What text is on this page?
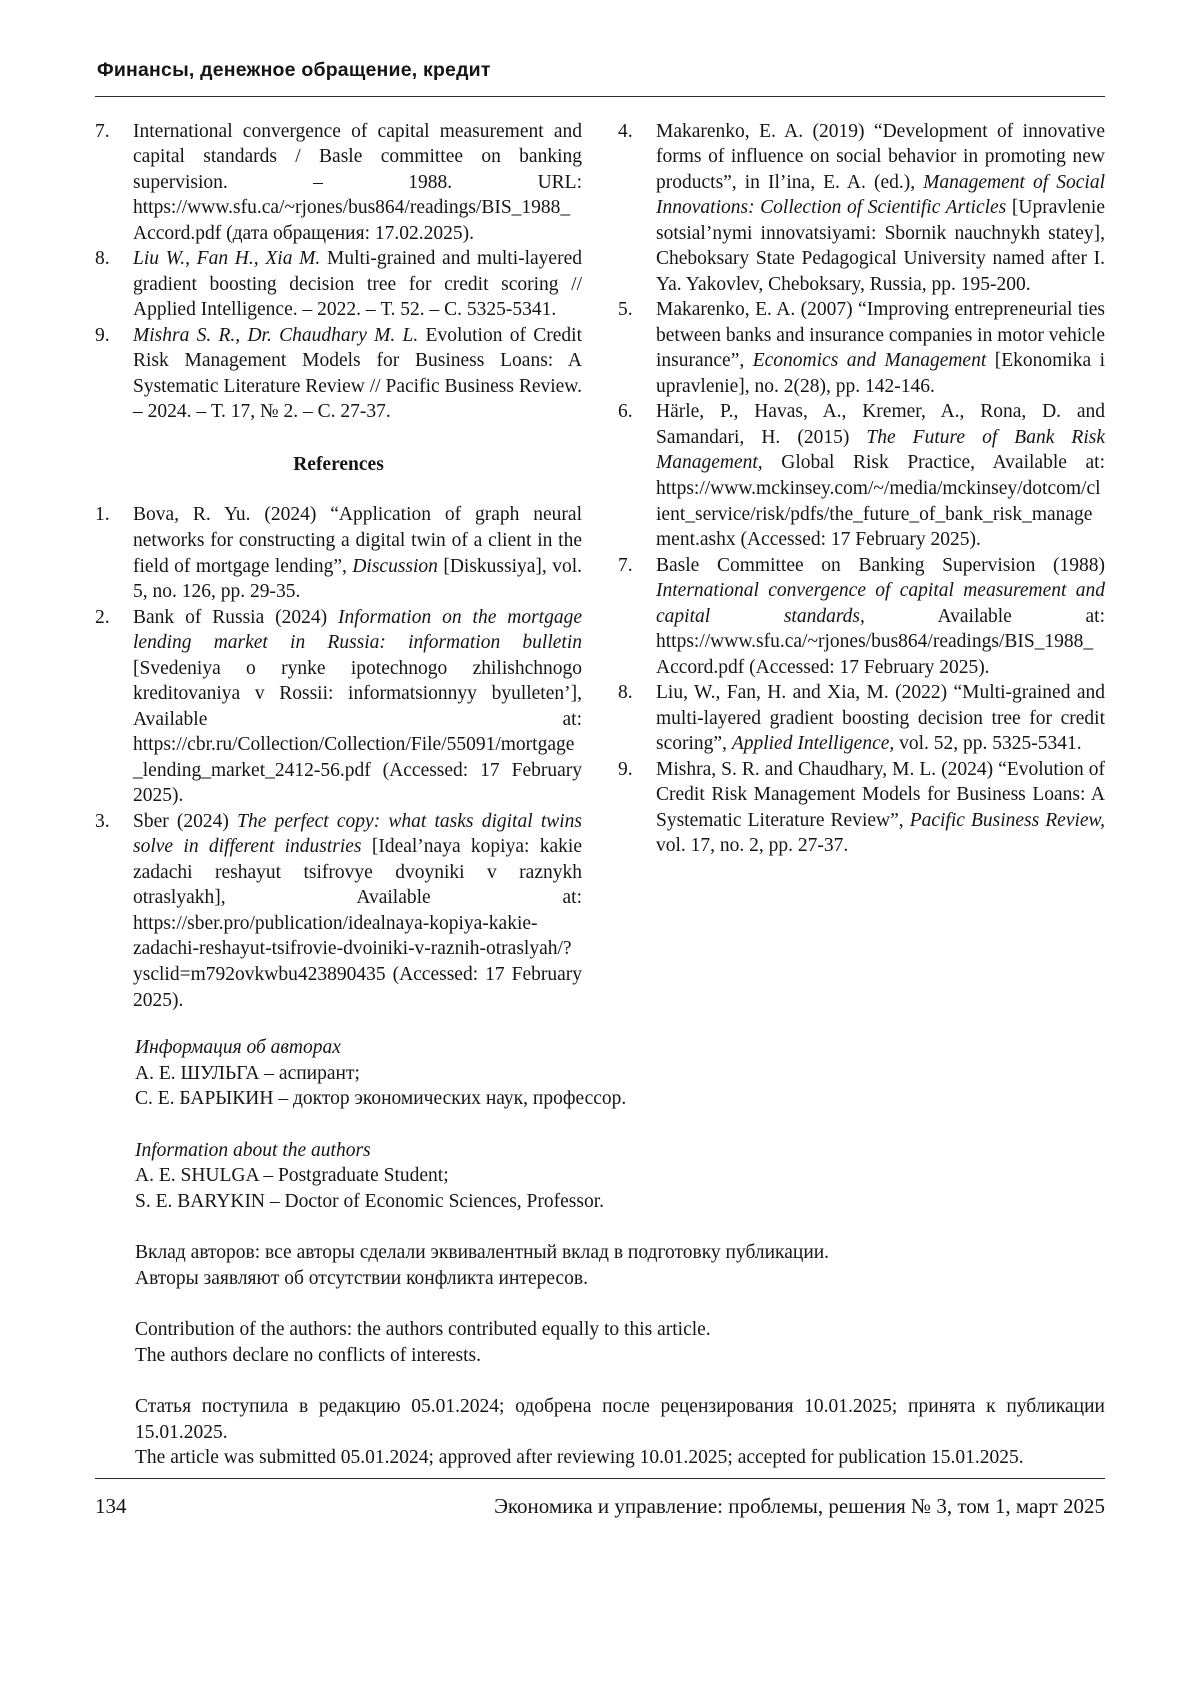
Финансы, денежное обращение, кредит
7.	International convergence of capital measurement and capital standards / Basle committee on banking supervision. – 1988. URL: https://www.sfu.ca/~rjones/bus864/readings/BIS_1988_Accord.pdf (дата обращения: 17.02.2025).
8.	Liu W., Fan H., Xia M. Multi-grained and multi-layered gradient boosting decision tree for credit scoring // Applied Intelligence. – 2022. – Т. 52. – С. 5325-5341.
9.	Mishra S. R., Dr. Chaudhary M. L. Evolution of Credit Risk Management Models for Business Loans: A Systematic Literature Review // Pacific Business Review. – 2024. – Т. 17, № 2. – С. 27-37.
References
1.	Bova, R. Yu. (2024) “Application of graph neural networks for constructing a digital twin of a client in the field of mortgage lending”, Discussion [Diskussiya], vol. 5, no. 126, pp. 29-35.
2.	Bank of Russia (2024) Information on the mortgage lending market in Russia: information bulletin [Svedeniya o rynke ipotechnogo zhilishchnogo kreditovaniya v Rossii: informatsionnyy byulleten’], Available at: https://cbr.ru/Collection/Collection/File/55091/mortgage_lending_market_2412-56.pdf (Accessed: 17 February 2025).
3.	Sber (2024) The perfect copy: what tasks digital twins solve in different industries [Ideal’naya kopiya: kakie zadachi reshayut tsifrovye dvoyniki v raznykh otraslyakh], Available at: https://sber.pro/publication/idealnaya-kopiya-kakie-zadachi-reshayut-tsifrovie-dvoiniki-v-raznih-otraslyah/?ysclid=m792ovkwbu423890435 (Accessed: 17 February 2025).
4.	Makarenko, E. A. (2019) “Development of innovative forms of influence on social behavior in promoting new products”, in Il’ina, E. A. (ed.), Management of Social Innovations: Collection of Scientific Articles [Upravlenie sotsial’nymi innovatsiyami: Sbornik nauchnykh statey], Cheboksary State Pedagogical University named after I. Ya. Yakovlev, Cheboksary, Russia, pp. 195-200.
5.	Makarenko, E. A. (2007) “Improving entrepreneurial ties between banks and insurance companies in motor vehicle insurance”, Economics and Management [Ekonomika i upravlenie], no. 2(28), pp. 142-146.
6.	Härle, P., Havas, A., Kremer, A., Rona, D. and Samandari, H. (2015) The Future of Bank Risk Management, Global Risk Practice, Available at: https://www.mckinsey.com/~/media/mckinsey/dotcom/client_service/risk/pdfs/the_future_of_bank_risk_management.ashx (Accessed: 17 February 2025).
7.	Basle Committee on Banking Supervision (1988) International convergence of capital measurement and capital standards, Available at: https://www.sfu.ca/~rjones/bus864/readings/BIS_1988_Accord.pdf (Accessed: 17 February 2025).
8.	Liu, W., Fan, H. and Xia, M. (2022) “Multi-grained and multi-layered gradient boosting decision tree for credit scoring”, Applied Intelligence, vol. 52, pp. 5325-5341.
9.	Mishra, S. R. and Chaudhary, M. L. (2024) “Evolution of Credit Risk Management Models for Business Loans: A Systematic Literature Review”, Pacific Business Review, vol. 17, no. 2, pp. 27-37.
Информация об авторах
А. Е. ШУЛЬГА – аспирант;
С. Е. БАРЫКИН – доктор экономических наук, профессор.
Information about the authors
A. E. SHULGA – Postgraduate Student;
S. E. BARYKIN – Doctor of Economic Sciences, Professor.
Вклад авторов: все авторы сделали эквивалентный вклад в подготовку публикации.
Авторы заявляют об отсутствии конфликта интересов.
Contribution of the authors: the authors contributed equally to this article.
The authors declare no conflicts of interests.
Статья поступила в редакцию 05.01.2024; одобрена после рецензирования 10.01.2025; принята к публикации 15.01.2025.
The article was submitted 05.01.2024; approved after reviewing 10.01.2025; accepted for publication 15.01.2025.
134	Экономика и управление: проблемы, решения № 3, том 1, март 2025
